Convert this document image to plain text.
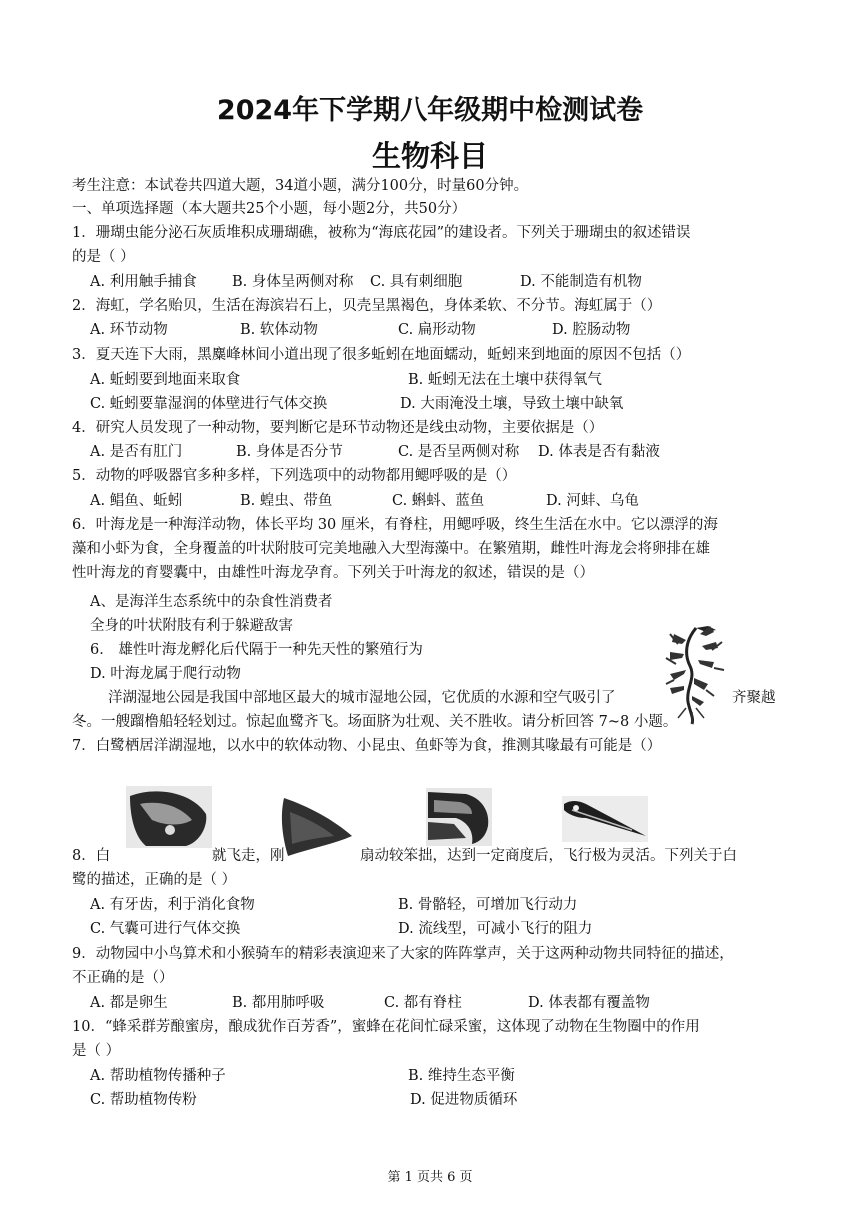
2024年下学期八年级期中检测试卷
生物科目
考生注意：本试卷共四道大题，34道小题，满分100分，时量60分钟。
一、单项选择题（本大题共25个小题，每小题2分，共50分）
1．珊瑚虫能分泌石灰质堆积成珊瑚礁，被称为“海底花园”的建设者。下列关于珊瑚虫的叙述错误
的是（ ）
A. 利用触手捕食 B. 身体呈两侧对称 C. 具有刺细胞	D. 不能制造有机物
2．海虹，学名贻贝，生活在海滨岩石上，贝壳呈黑褐色，身体柔软、不分节。海虹属于（）
A. 环节动物	B. 软体动物	C. 扁形动物	D. 腔肠动物
3．夏天连下大雨，黑麋峰林间小道出现了很多蚯蚓在地面蠕动，蚯蚓来到地面的原因不包括（）
A. 蚯蚓要到地面来取食	B. 蚯蚓无法在土壤中获得氧气
C. 蚯蚓要靠湿润的体壁进行气体交换	D. 大雨淹没土壤，导致土壤中缺氧
4．研究人员发现了一种动物，要判断它是环节动物还是线虫动物，主要依据是（）
A. 是否有肛门	B. 身体是否分节	C. 是否呈两侧对称 D. 体表是否有黏液
5．动物的呼吸器官多种多样，下列选项中的动物都用鳃呼吸的是（）
A. 鲳鱼、蚯蚓	B. 蝗虫、带鱼	C. 蝌蚪、蓝鱼	D. 河蚌、乌龟
6．叶海龙是一种海洋动物，体长平均 30 厘米，有脊柱，用鳃呼吸，终生生活在水中。它以漂浮的海
藻和小虾为食，全身覆盖的叶状附肢可完美地融入大型海藻中。在繁殖期，雌性叶海龙会将卵排在雄
性叶海龙的育婴囊中，由雄性叶海龙孕育。下列关于叶海龙的叙述，错误的是（）
A、是海洋生态系统中的杂食性消费者
全身的叶状附肢有利于躲避敌害
6． 雄性叶海龙孵化后代隔于一种先天性的繁殖行为
D. 叶海龙属于爬行动物
洋湖湿地公园是我国中部地区最大的城市湿地公园，它优质的水源和空气吸引了	齐聚越
冬。一艘蹓橹船轻轻划过。惊起血鹭齐飞。场面脐为壮观、关不胜收。请分析回答 7~8 小题。
7．白鹭栖居洋湖湿地，以水中的软体动物、小昆虫、鱼虾等为食，推测其喙最有可能是（）
8．白	就飞走，刚	扇动较笨拙，达到一定商度后，飞行极为灵活。下列关于白
鹭的描述，正确的是（ ）
A. 有牙齿，利于消化食物	B. 骨骼轻，可增加飞行动力
C. 气囊可进行气体交换	D. 流线型，可减小飞行的阻力
9．动物园中小鸟算术和小猴骑车的精彩表演迎来了大家的阵阵掌声，关于这两种动物共同特征的描述，
不正确的是（）
A. 都是卵生	B. 都用肺呼吸	C. 都有脊柱	D. 体表都有覆盖物
10．“蜂采群芳酿蜜房，酿成犹作百芳香”，蜜蜂在花间忙碌采蜜，这体现了动物在生物圈中的作用
是（ ）
A. 帮助植物传播种子	B. 维持生态平衡
C. 帮助植物传粉	D. 促进物质循环
第 1 页共 6 页
